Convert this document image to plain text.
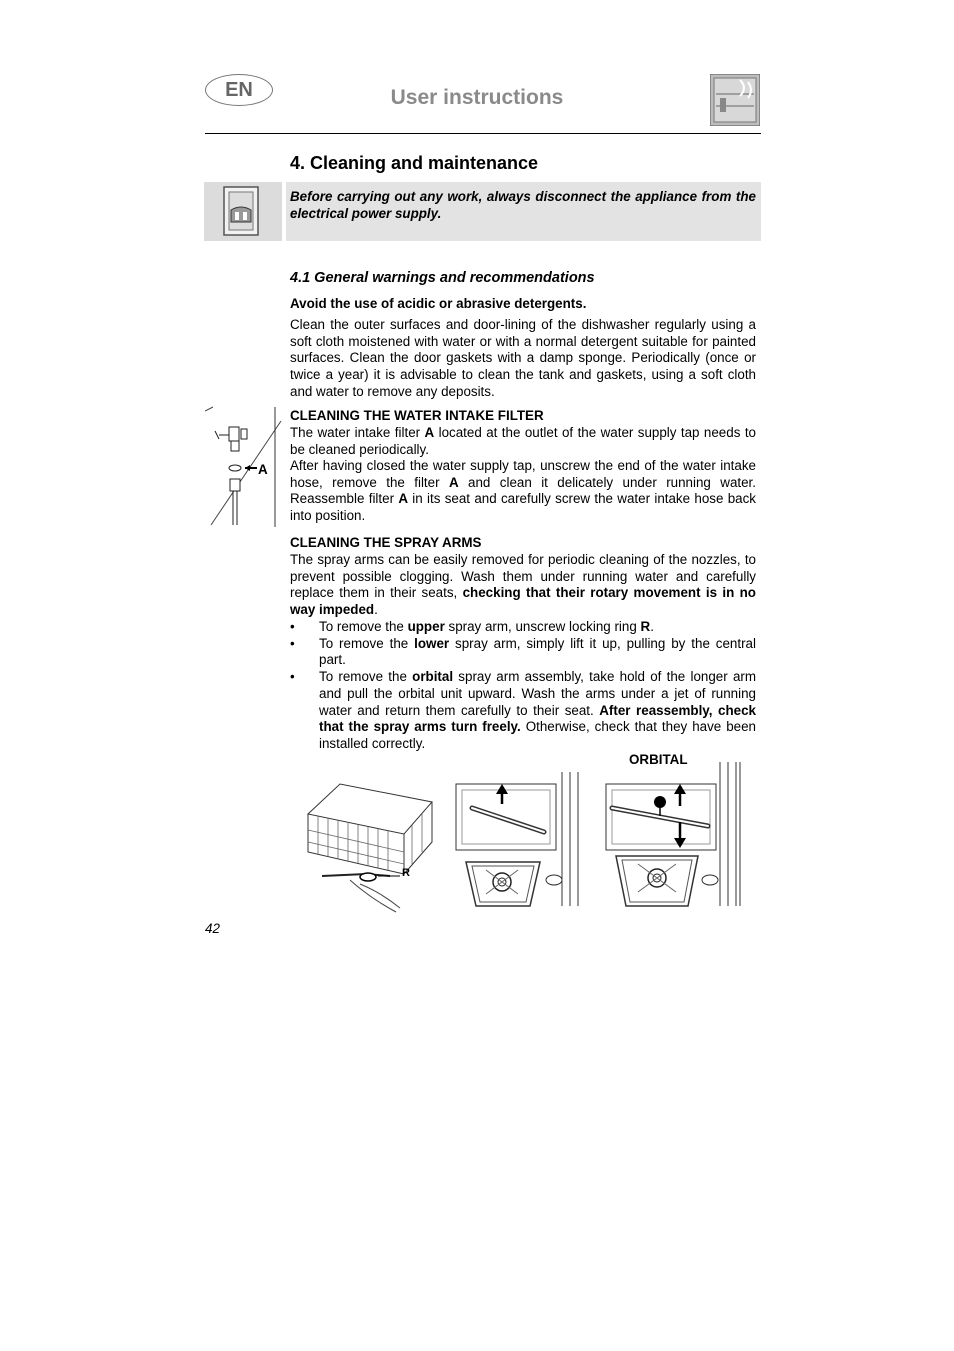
EN	User instructions
4. Cleaning and maintenance
Before carrying out any work, always disconnect the appliance from the electrical power supply.
4.1 General warnings and recommendations
Avoid the use of acidic or abrasive detergents.
Clean the outer surfaces and door-lining of the dishwasher regularly using a soft cloth moistened with water or with a normal detergent suitable for painted surfaces. Clean the door gaskets with a damp sponge. Periodically (once or twice a year) it is advisable to clean the tank and gaskets, using a soft cloth and water to remove any deposits.
A
CLEANING THE WATER INTAKE FILTER
The water intake filter A located at the outlet of the water supply tap needs to be cleaned periodically.
After having closed the water supply tap, unscrew the end of the water intake hose, remove the filter A and clean it delicately under running water. Reassemble filter A in its seat and carefully screw the water intake hose back into position.
CLEANING THE SPRAY ARMS
The spray arms can be easily removed for periodic cleaning of the nozzles, to prevent possible clogging. Wash them under running water and carefully replace them in their seats, checking that their rotary movement is in no way impeded.
• To remove the upper spray arm, unscrew locking ring R.
• To remove the lower spray arm, simply lift it up, pulling by the central part.
• To remove the orbital spray arm assembly, take hold of the longer arm and pull the orbital unit upward. Wash the arms under a jet of running water and return them carefully to their seat. After reassembly, check that the spray arms turn freely. Otherwise, check that they have been installed correctly.
R
ORBITAL
42
